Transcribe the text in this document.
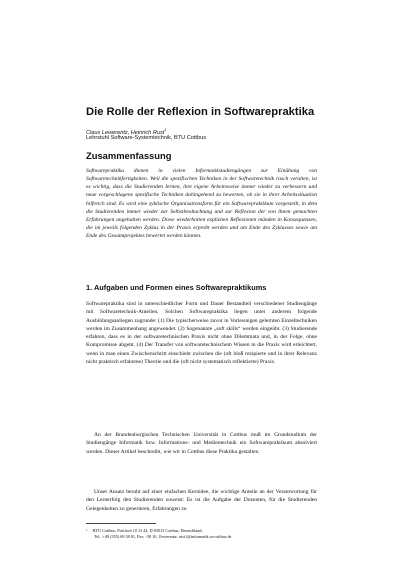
Die Rolle der Reflexion in Softwarepraktika
Claus Lewerentz, Heinrich Rust$^1$
Lehrstuhl Software-Systemtechnik, BTU Cottbus
Zusammenfassung
Softwarepraktika dienen in vielen Informatikstudiengängen zur Einübung von Softwaretechnikfertigkeiten. Weil die spezifischen Techniken in der Softwaretechnik rasch veralten, ist es wichtig, dass die Studierenden lernen, ihre eigene Arbeitsweise immer wieder zu verbessern und neue vorgeschlagene spezifische Techniken dahingehend zu bewerten, ob sie in ihrer Arbeitssituation hilfreich sind. Es wird eine zyklische Organisationsform für ein Softwarepraktikum vorgestellt, in dem die Studierenden immer wieder zur Selbstbeobachtung und zur Reflexion der von ihnen gemachten Erfahrungen angehalten werden. Diese wiederholten expliziten Reflexionen münden in Konsequenzen, die im jeweils folgenden Zyklus in der Praxis erprobt werden und am Ende des Zyklusses sowie am Ende des Gesamtprojektes bewertet werden können.
1. Aufgaben und Formen eines Softwarepraktikums
Softwarepraktika sind in unterschiedlicher Form und Dauer Bestandteil verschiedener Studiengänge mit Softwaretechnik-Anteilen. Solchen Softwarepraktika liegen unter anderem folgende Ausbildungsanliegen zugrunde: (1) Die typischerweise zuvor in Vorlesungen gelernten Einzeltechniken werden im Zusammenhang angewendet. (2) Sogenannte „soft skills“ werden eingeübt. (3) Studierende erfahren, dass es in der softwaretechnischen Praxis nicht ohne Dilemmata und, in der Folge, ohne Kompromisse abgeht. (4) Der Transfer von softwaretechnischem Wissen in die Praxis wird erleichtert, wenn in man einen Zwischenschritt einschiebt zwischen die (oft bloß rezipierte und in ihrer Relevanz nicht praktisch erfahrene) Theorie und die (oft nicht systematisch reflektierte) Praxis.
An der Brandenburgischen Technischen Universität in Cottbus muß im Grundstudium der Studiengänge Informatik bzw. Informations- und Medientechnik ein Softwarepraktikum absolviert werden. Dieser Artikel beschreibt, wie wir in Cottbus diese Praktika gestalten.
Unser Ansatz beruht auf einer einfachen Kernidee, die wichtige Anteile an der Verantwortung für den Lernerfolg den Studierenden zuweist: Es ist die Aufgabe der Dozenten, für die Studierenden Gelegenheiten zu generieren, Erfahrungen zu
$^1$ BTU Cottbus, Postfach 10 13 44, D-03013 Cottbus, Deutschland;
Tel.: +49 (355) 69 38 81, Fax: -38 10, {lewerentz, rust}@informatik.tu-cottbus.de
